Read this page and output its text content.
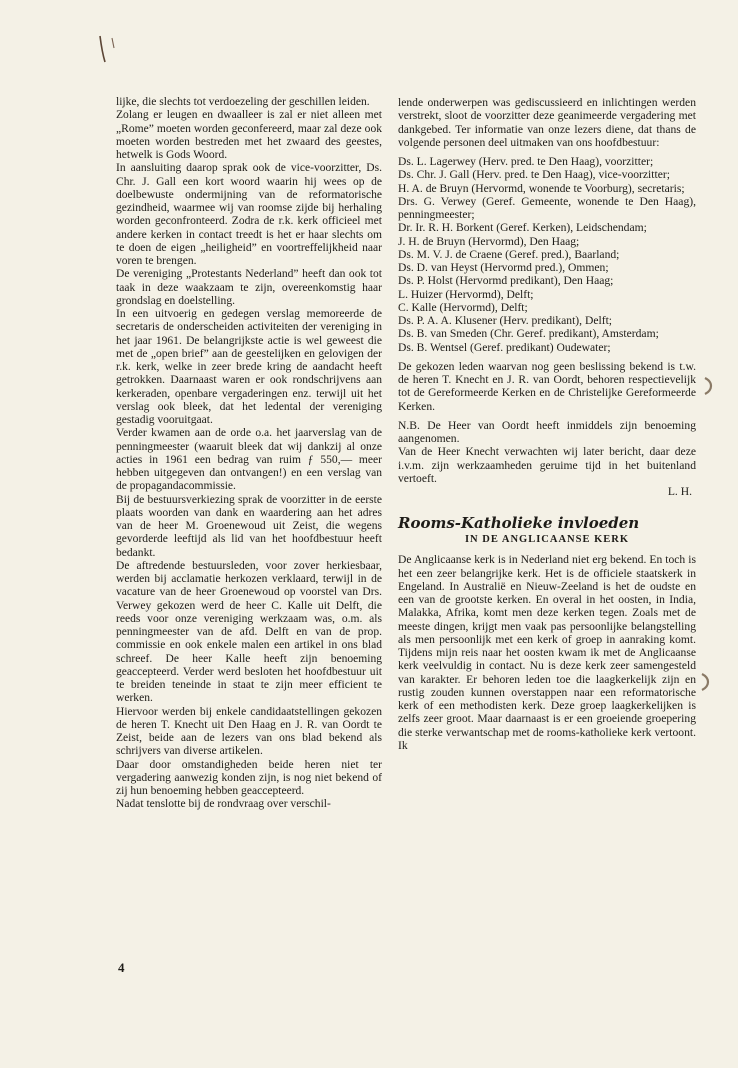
lijke, die slechts tot verdoezeling der geschillen leiden.

Zolang er leugen en dwaalleer is zal er niet alleen met „Rome” moeten worden geconfereerd, maar zal deze ook moeten worden bestreden met het zwaard des geestes, hetwelk is Gods Woord.

In aansluiting daarop sprak ook de vice-voorzitter, Ds. Chr. J. Gall een kort woord waarin hij wees op de doelbewuste ondermijning van de reformatorische gezindheid, waarmee wij van roomse zijde bij herhaling worden geconfronteerd. Zodra de r.k. kerk officieel met andere kerken in contact treedt is het er haar slechts om te doen de eigen „heiligheid” en voortreffelijkheid naar voren te brengen.

De vereniging „Protestants Nederland” heeft dan ook tot taak in deze waakzaam te zijn, overeenkomstig haar grondslag en doelstelling.

In een uitvoerig en gedegen verslag memoreerde de secretaris de onderscheiden activiteiten der vereniging in het jaar 1961. De belangrijkste actie is wel geweest die met de „open brief” aan de geestelijken en gelovigen der r.k. kerk, welke in zeer brede kring de aandacht heeft getrokken. Daarnaast waren er ook rondschrijvens aan kerkeraden, openbare vergaderingen enz. terwijl uit het verslag ook bleek, dat het ledental der vereniging gestadig vooruitgaat.

Verder kwamen aan de orde o.a. het jaarverslag van de penningmeester (waaruit bleek dat wij dankzij al onze acties in 1961 een bedrag van ruim ƒ 550,— meer hebben uitgegeven dan ontvangen!) en een verslag van de propagandacommissie.

Bij de bestuursverkiezing sprak de voorzitter in de eerste plaats woorden van dank en waardering aan het adres van de heer M. Groenewoud uit Zeist, die wegens gevorderde leeftijd als lid van het hoofdbestuur heeft bedankt.

De aftredende bestuursleden, voor zover herkiesbaar, werden bij acclamatie herkozen verklaard, terwijl in de vacature van de heer Groenewoud op voorstel van Drs. Verwey gekozen werd de heer C. Kalle uit Delft, die reeds voor onze vereniging werkzaam was, o.m. als penningmeester van de afd. Delft en van de prop. commissie en ook enkele malen een artikel in ons blad schreef. De heer Kalle heeft zijn benoeming geaccepteerd. Verder werd besloten het hoofdbestuur uit te breiden teneinde in staat te zijn meer efficient te werken.

Hiervoor werden bij enkele candidaatstellingen gekozen de heren T. Knecht uit Den Haag en J. R. van Oordt te Zeist, beide aan de lezers van ons blad bekend als schrijvers van diverse artikelen.

Daar door omstandigheden beide heren niet ter vergadering aanwezig konden zijn, is nog niet bekend of zij hun benoeming hebben geaccepteerd.

Nadat tenslotte bij de rondvraag over verschil-

lende onderwerpen was gediscussieerd en inlichtingen werden verstrekt, sloot de voorzitter deze geanimeerde vergadering met dankgebed. Ter informatie van onze lezers diene, dat thans de volgende personen deel uitmaken van ons hoofdbestuur:

Ds. L. Lagerwey (Herv. pred. te Den Haag), voorzitter;

Ds. Chr. J. Gall (Herv. pred. te Den Haag), vice-voorzitter;

H. A. de Bruyn (Hervormd, wonende te Voorburg), secretaris;

Drs. G. Verwey (Geref. Gemeente, wonende te Den Haag), penningmeester;

Dr. Ir. R. H. Borkent (Geref. Kerken), Leidschendam;

J. H. de Bruyn (Hervormd), Den Haag;

Ds. M. V. J. de Craene (Geref. pred.), Baarland;

Ds. D. van Heyst (Hervormd pred.), Ommen;

Ds. P. Holst (Hervormd predikant), Den Haag;

L. Huizer (Hervormd), Delft;

C. Kalle (Hervormd), Delft;

Ds. P. A. A. Klusener (Herv. predikant), Delft;

Ds. B. van Smeden (Chr. Geref. predikant), Amsterdam;

Ds. B. Wentsel (Geref. predikant) Oudewater;

De gekozen leden waarvan nog geen beslissing bekend is t.w. de heren T. Knecht en J. R. van Oordt, behoren respectievelijk tot de Gereformeerde Kerken en de Christelijke Gereformeerde Kerken.

N.B. De Heer van Oordt heeft inmiddels zijn benoeming aangenomen.

Van de Heer Knecht verwachten wij later bericht, daar deze i.v.m. zijn werkzaamheden geruime tijd in het buitenland vertoeft.

L. H.

Rooms-Katholieke invloeden
IN DE ANGLICAANSE KERK

De Anglicaanse kerk is in Nederland niet erg bekend. En toch is het een zeer belangrijke kerk. Het is de officiele staatskerk in Engeland. In Australië en Nieuw-Zeeland is het de oudste en een van de grootste kerken. En overal in het oosten, in India, Malakka, Afrika, komt men deze kerken tegen. Zoals met de meeste dingen, krijgt men vaak pas persoonlijke belangstelling als men persoonlijk met een kerk of groep in aanraking komt. Tijdens mijn reis naar het oosten kwam ik met de Anglicaanse kerk veelvuldig in contact. Nu is deze kerk zeer samengesteld van karakter. Er behoren leden toe die laagkerkelijk zijn en rustig zouden kunnen overstappen naar een reformatorische kerk of een methodisten kerk. Deze groep laagkerkelijken is zelfs zeer groot. Maar daarnaast is er een groeiende groepering die sterke verwantschap met de rooms-katholieke kerk vertoont. Ik

4
